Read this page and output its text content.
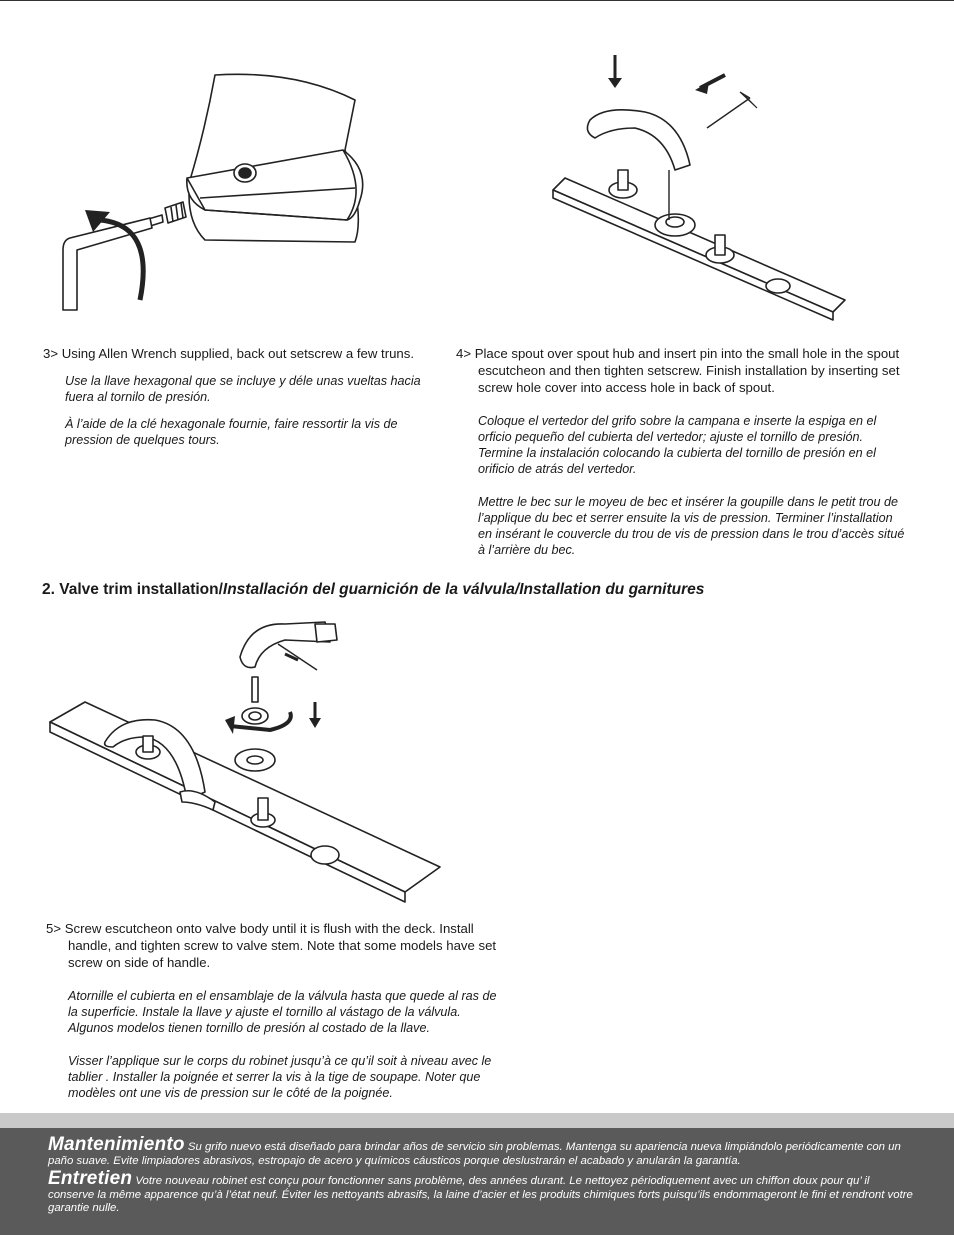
3> Using Allen Wrench supplied, back out setscrew a few truns.

Use la llave hexagonal que se incluye y déle unas vueltas hacia fuera al tornilo de presión.

À l’aide de la clé hexagonale fournie, faire ressortir la vis de pression de quelques tours.

4> Place spout over spout hub and insert pin into the small hole in the spout escutcheon and then tighten setscrew. Finish installation by inserting set screw hole cover into access hole in back of spout.

Coloque el vertedor del grifo sobre la campana e inserte la espiga en el orficio pequeño del cubierta del vertedor; ajuste el tornillo de presión. Termine la instalación colocando la cubierta del tornillo de presión en el orificio de atrás del vertedor.

Mettre le bec sur le moyeu de bec et insérer la goupille dans le petit trou de l’applique du bec et serrer ensuite la vis de pression. Terminer l’installation en insérant le couvercle du trou de vis de pression dans le trou d’accès situé à l’arrière du bec.

2. Valve trim installation/Installación del guarnición de la válvula/Installation du garnitures

5> Screw escutcheon onto valve body until it is flush with the deck. Install handle, and tighten screw to valve stem. Note that some models have set screw on side of handle.

Atornille el cubierta en el ensamblaje de la válvula hasta que quede al ras de la superficie. Instale la llave y ajuste el tornillo al vástago de la válvula. Algunos modelos tienen tornillo de presión al costado de la llave.

Visser l’applique sur le corps du robinet jusqu’à ce qu’il soit à niveau avec le tablier . Installer la poignée et serrer la vis à la tige de soupape. Noter que modèles ont une vis de pression sur le côté de la poignée.

Mantenimiento Su grifo nuevo está diseñado para brindar años de servicio sin problemas. Mantenga su apariencia nueva limpiándolo periódicamente con un paño suave. Evite limpiadores abrasivos, estropajo de acero y químicos cáusticos porque deslustrarán el acabado y anularán la garantía.

Entretien Votre nouveau robinet est conçu pour fonctionner sans problème, des années durant. Le nettoyez périodiquement avec un chiffon doux pour qu’ il conserve la même apparence qu’à l’état neuf. Éviter les nettoyants abrasifs, la laine d’acier et les produits chimiques forts puisqu’ils endommageront le fini et rendront votre garantie nulle.
